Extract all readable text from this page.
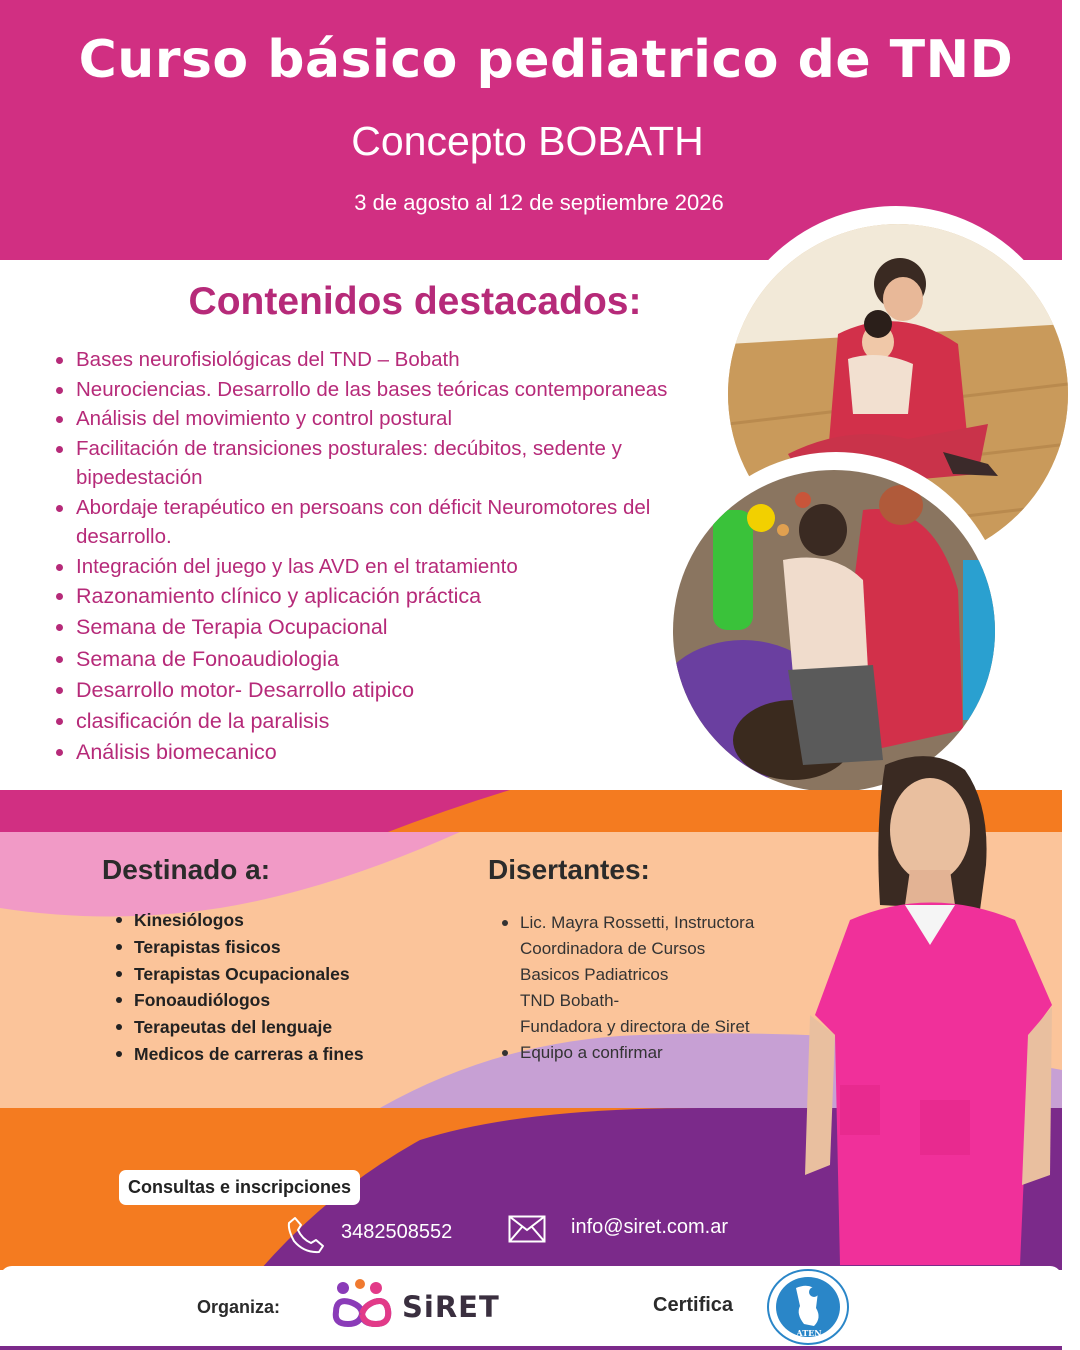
Curso básico pediatrico de TND
Concepto BOBATH
3 de agosto al 12 de septiembre 2026
Contenidos destacados:
Bases neurofisiológicas del TND – Bobath
Neurociencias. Desarrollo de las bases teóricas contemporaneas
Análisis del movimiento y control postural
Facilitación de transiciones posturales: decúbitos, sedente y bipedestación
Abordaje terapéutico en persoans con déficit Neuromotores del desarrollo.
Integración del juego y las AVD en el tratamiento
Razonamiento clínico y aplicación práctica
Semana de Terapia Ocupacional
Semana de Fonoaudiologia
Desarrollo motor- Desarrollo atipico
clasificación de la paralisis
Análisis biomecanico
Destinado a:
Kinesiólogos
Terapistas fisicos
Terapistas Ocupacionales
Fonoaudiólogos
Terapeutas del lenguaje
Medicos de carreras a fines
Disertantes:
Lic. Mayra Rossetti, Instructora
Coordinadora de Cursos
Basicos Padiatricos
TND Bobath-
Fundadora y directora de Siret
Equipo a confirmar
Consultas e inscripciones
3482508552	info@siret.com.ar
Organiza:	SiRET	Certifica
ATEN
